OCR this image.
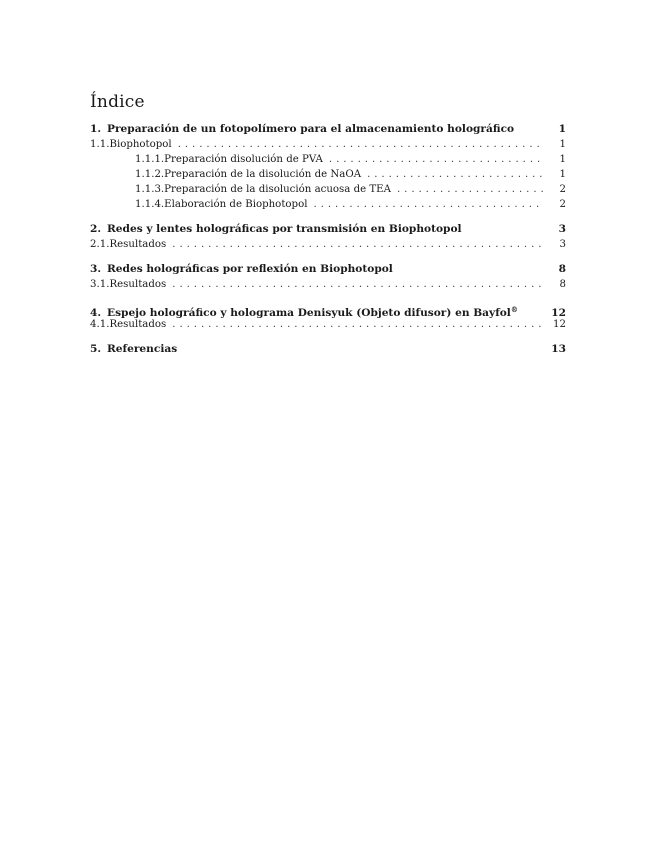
Índice
1. Preparación de un fotopolímero para el almacenamiento holográfico	1
1.1. Biophotopol . . .	1
1.1.1. Preparación disolución de PVA . . .	1
1.1.2. Preparación de la disolución de NaOA . . .	1
1.1.3. Preparación de la disolución acuosa de TEA . . .	2
1.1.4. Elaboración de Biophotopol . . .	2
2. Redes y lentes holográficas por transmisión en Biophotopol	3
2.1. Resultados . . .	3
3. Redes holográficas por reflexión en Biophotopol	8
3.1. Resultados . . .	8
4. Espejo holográfico y holograma Denisyuk (Objeto difusor) en Bayfol®	12
4.1. Resultados . . .	12
5. Referencias	13
